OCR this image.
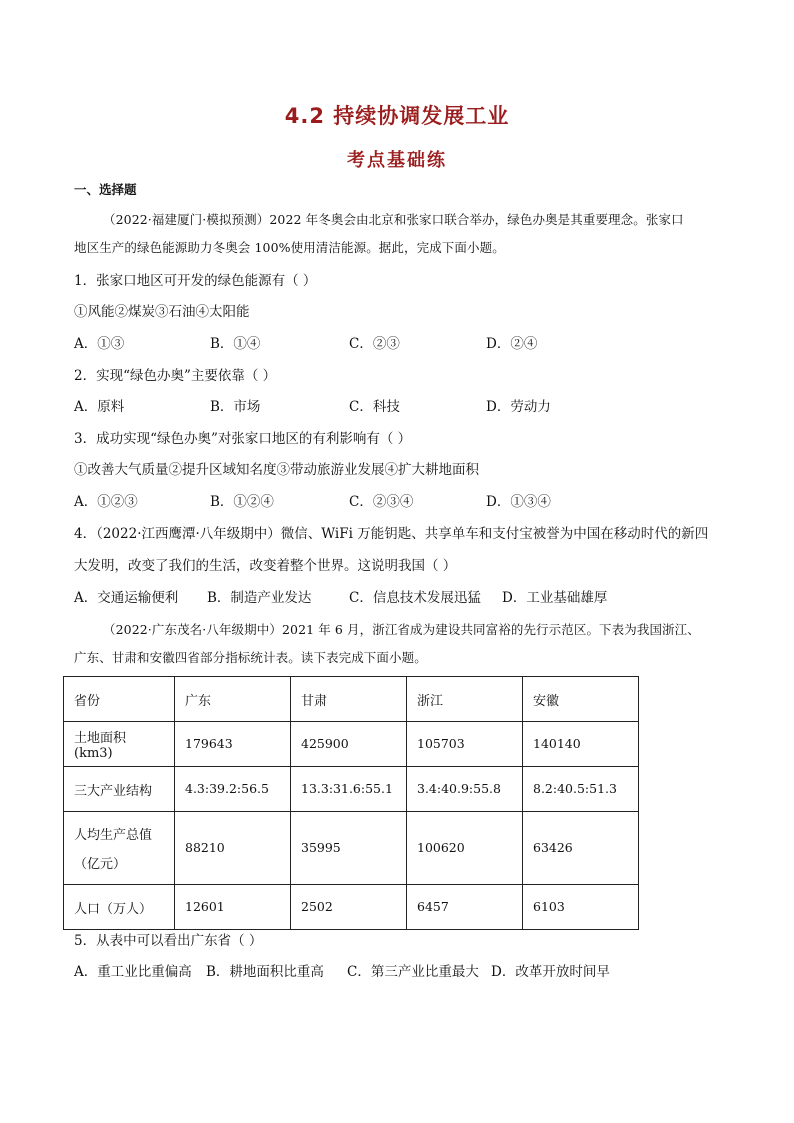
4.2 持续协调发展工业
考点基础练
一、选择题
（2022·福建厦门·模拟预测）2022 年冬奥会由北京和张家口联合举办，绿色办奥是其重要理念。张家口
地区生产的绿色能源助力冬奥会 100%使用清洁能源。据此，完成下面小题。
1．张家口地区可开发的绿色能源有（ ）
①风能②煤炭③石油④太阳能
A．①③	B．①④	C．②③	D．②④
2．实现“绿色办奥”主要依靠（ ）
A．原料	B．市场	C．科技	D．劳动力
3．成功实现“绿色办奥”对张家口地区的有利影响有（ ）
①改善大气质量②提升区域知名度③带动旅游业发展④扩大耕地面积
A．①②③	B．①②④	C．②③④	D．①③④
4．（2022·江西鹰潭·八年级期中）微信、WiFi 万能钥匙、共享单车和支付宝被誉为中国在移动时代的新四
大发明，改变了我们的生活，改变着整个世界。这说明我国（ ）
A．交通运输便利 B．制造产业发达	C．信息技术发展迅猛 D．工业基础雄厚
（2022·广东茂名·八年级期中）2021 年 6 月，浙江省成为建设共同富裕的先行示范区。下表为我国浙江、
广东、甘肃和安徽四省部分指标统计表。读下表完成下面小题。
省份	广东	甘肃	浙江	安徽
土地面积(km3)	179643	425900	105703	140140
三大产业结构	4.3:39.2:56.5	13.3:31.6:55.1	3.4:40.9:55.8	8.2:40.5:51.3

人均生产总值
（亿元）	88210	35995	100620	63426
人口（万人）	12601	2502	6457	6103
5．从表中可以看出广东省（ ）
A．重工业比重偏高 B．耕地面积比重高 C．第三产业比重最大 D．改革开放时间早
